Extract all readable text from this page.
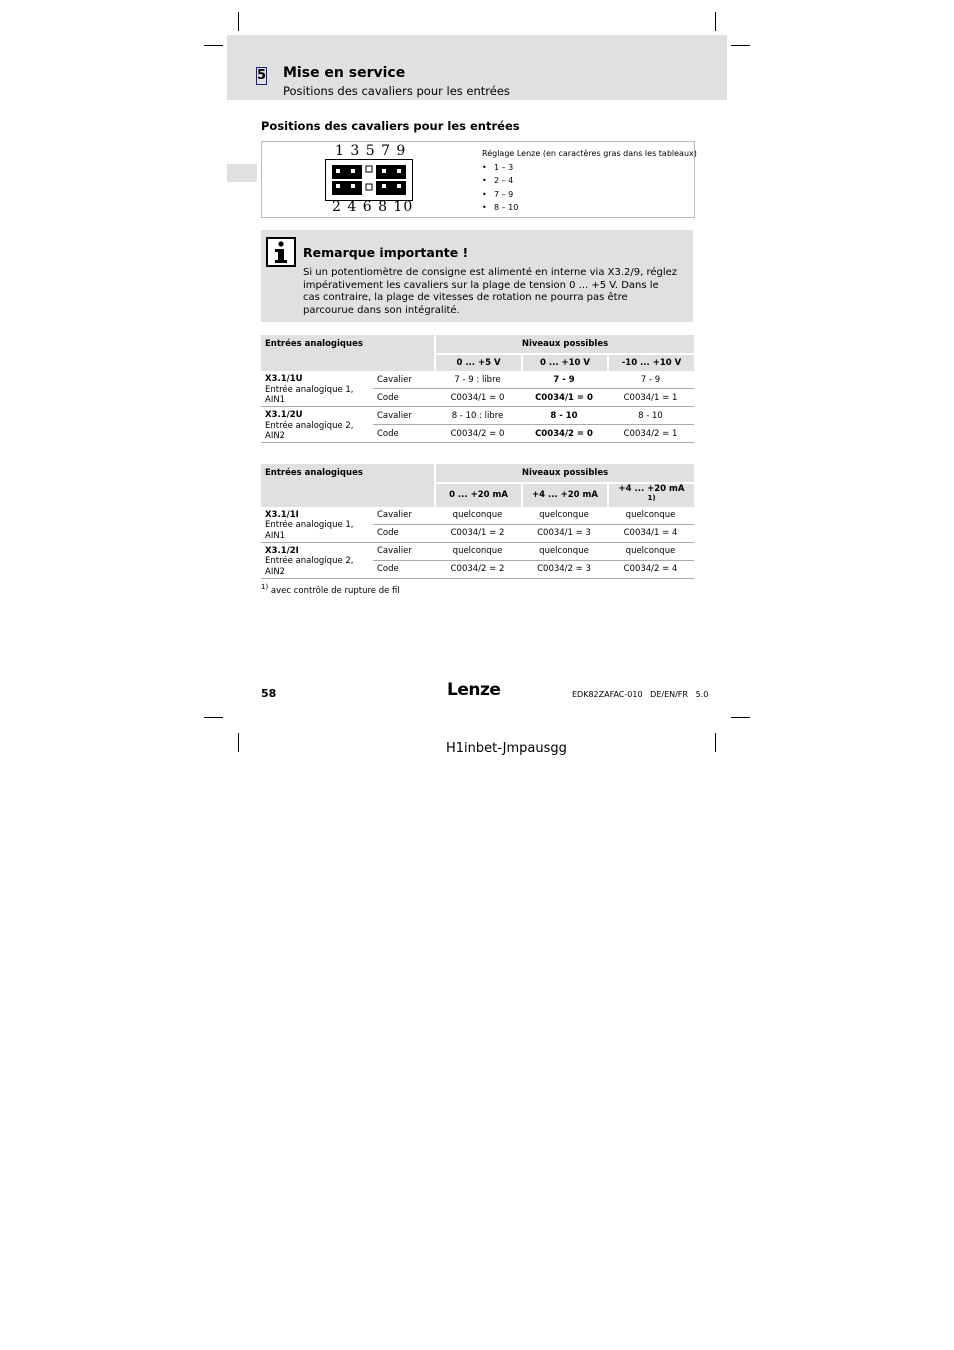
5 Mise en service
Positions des cavaliers pour les entrées
Positions des cavaliers pour les entrées
1 3 5 7 9
2 4 6 8 10
Réglage Lenze (en caractères gras dans les tableaux)
• 1 – 3
• 2 – 4
• 7 – 9
• 8 – 10
Remarque importante !
Si un potentiomètre de consigne est alimenté en interne via X3.2/9, réglez impérativement les cavaliers sur la plage de tension 0 ... +5 V. Dans le cas contraire, la plage de vitesses de rotation ne pourra pas être parcourue dans son intégralité.
Entrées analogiques		Niveaux possibles		
		0 ... +5 V	0 ... +10 V	-10 ... +10 V

X3.1/1U
Entrée analogique 1, AIN1	Cavalier	7 - 9 : libre	7 - 9	7 - 9
	Code	C0034/1 = 0	C0034/1 = 0	C0034/1 = 1

X3.1/2U
Entrée analogique 2, AIN2	Cavalier	8 - 10 : libre	8 - 10	8 - 10
	Code	C0034/2 = 0	C0034/2 = 0	C0034/2 = 1
Entrées analogiques		Niveaux possibles		
		0 ... +20 mA	+4 ... +20 mA	+4 ... +20 mA $^{1)}$

X3.1/1I
Entrée analogique 1, AIN1	Cavalier	quelconque	quelconque	quelconque
	Code	C0034/1 = 2	C0034/1 = 3	C0034/1 = 4

X3.1/2I
Entrée analogique 2, AIN2	Cavalier	quelconque	quelconque	quelconque
	Code	C0034/2 = 2	C0034/2 = 3	C0034/2 = 4
$^{1)}$ avec contrôle de rupture de fil
58	Lenze	EDK82ZAFAC-010   DE/EN/FR   5.0
H1inbet-Jmpausgg
